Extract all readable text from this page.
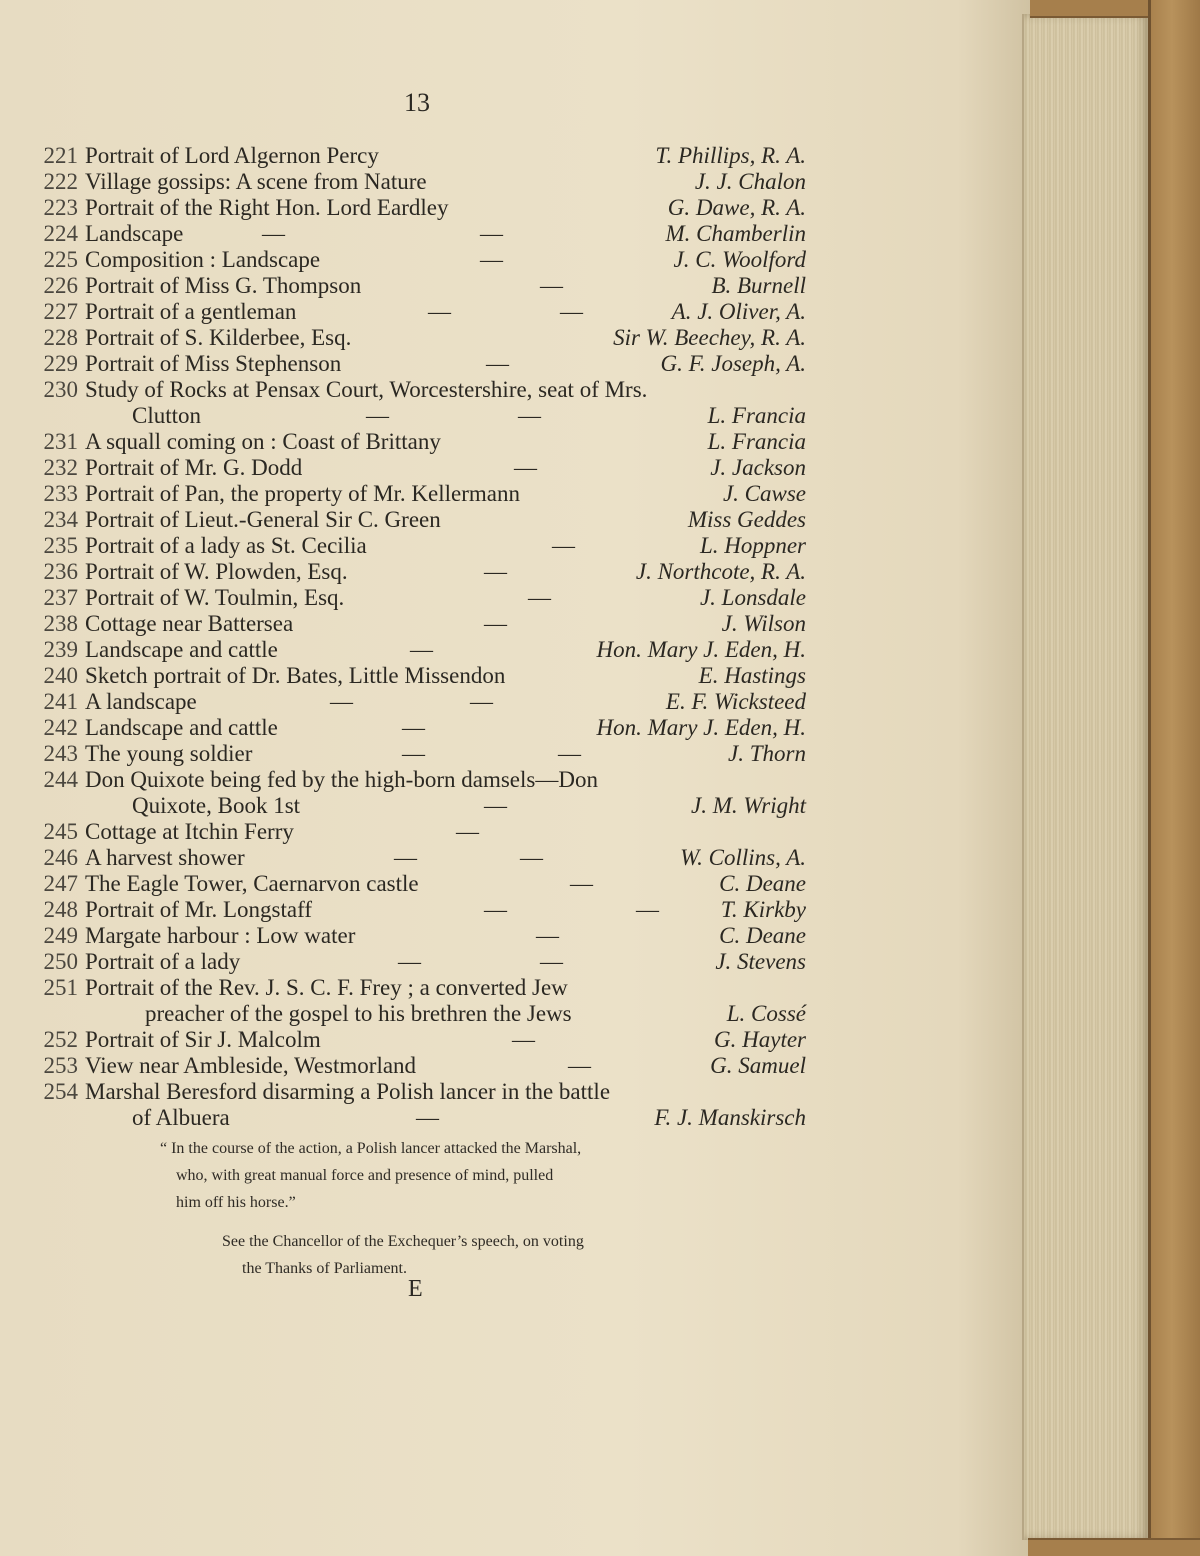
13
221 Portrait of Lord Algernon Percy	T. Phillips, R. A.
222 Village gossips: A scene from Nature	J. J. Chalon
223 Portrait of the Right Hon. Lord Eardley	G. Dawe, R. A.
224 Landscape	—	—	M. Chamberlin
225 Composition : Landscape	—	J. C. Woolford
226 Portrait of Miss G. Thompson	—	B. Burnell
227 Portrait of a gentleman	—	—	A. J. Oliver, A.
228 Portrait of S. Kilderbee, Esq.	Sir W. Beechey, R. A.
229 Portrait of Miss Stephenson	—	G. F. Joseph, A.
230 Study of Rocks at Pensax Court, Worcestershire, seat of Mrs.
Clutton	—	—	L. Francia
231 A squall coming on : Coast of Brittany	L. Francia
232 Portrait of Mr. G. Dodd	—	J. Jackson
233 Portrait of Pan, the property of Mr. Kellermann	J. Cawse
234 Portrait of Lieut.-General Sir C. Green	Miss Geddes
235 Portrait of a lady as St. Cecilia	—	L. Hoppner
236 Portrait of W. Plowden, Esq.	—	J. Northcote, R. A.
237 Portrait of W. Toulmin, Esq.	—	J. Lonsdale
238 Cottage near Battersea	—	J. Wilson
239 Landscape and cattle	—	Hon. Mary J. Eden, H.
240 Sketch portrait of Dr. Bates, Little Missendon	E. Hastings
241 A landscape	—	—	E. F. Wicksteed
242 Landscape and cattle	—	Hon. Mary J. Eden, H.
243 The young soldier	—	—	J. Thorn
244 Don Quixote being fed by the high-born damsels—Don
Quixote, Book 1st	—	J. M. Wright
245 Cottage at Itchin Ferry	—
246 A harvest shower	—	—	W. Collins, A.
247 The Eagle Tower, Caernarvon castle	—	C. Deane
248 Portrait of Mr. Longstaff	—	—	T. Kirkby
249 Margate harbour : Low water	—	C. Deane
250 Portrait of a lady	—	—	J. Stevens
251 Portrait of the Rev. J. S. C. F. Frey ; a converted Jew
preacher of the gospel to his brethren the Jews	L. Cossé
252 Portrait of Sir J. Malcolm	—	G. Hayter
253 View near Ambleside, Westmorland	—	G. Samuel
254 Marshal Beresford disarming a Polish lancer in the battle
of Albuera	—	F. J. Manskirsch
“ In the course of the action, a Polish lancer attacked the Marshal,
who, with great manual force and presence of mind, pulled
him off his horse.”
See the Chancellor of the Exchequer’s speech, on voting
the Thanks of Parliament.
E
